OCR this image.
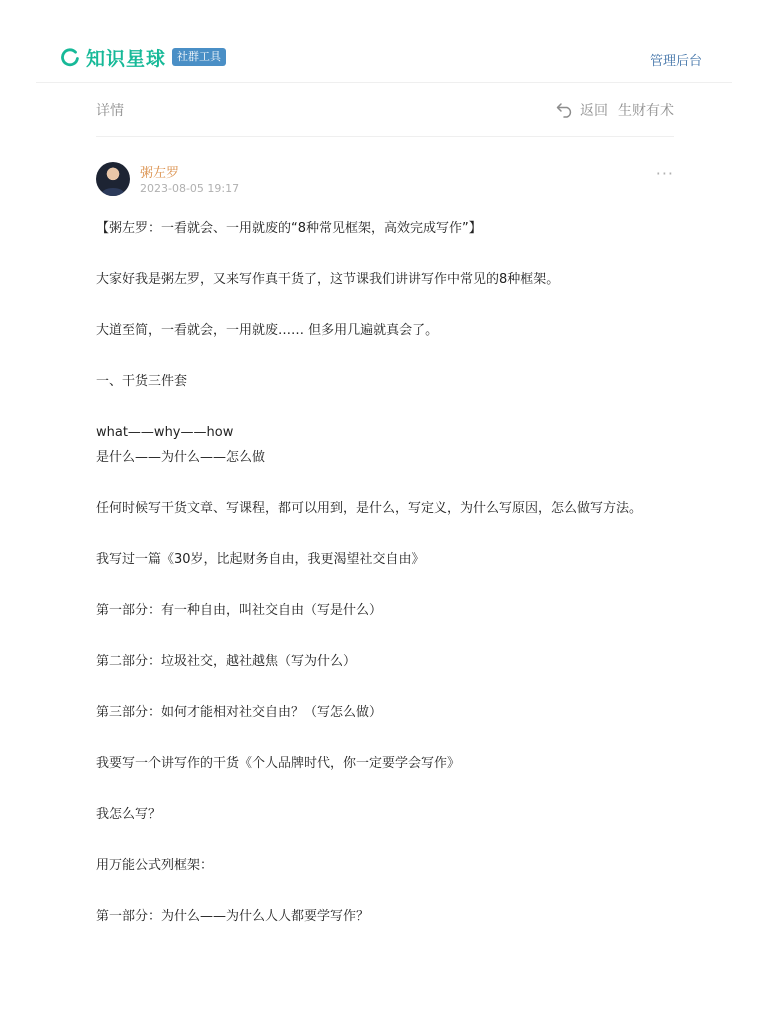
知识星球	社群工具	管理后台
详情	返回 生财有术
粥左罗
2023-08-05 19:17
···

【粥左罗：一看就会、一用就废的“8种常见框架，高效完成写作”】

大家好我是粥左罗，又来写作真干货了，这节课我们讲讲写作中常见的8种框架。

大道至简，一看就会，一用就废…… 但多用几遍就真会了。

一、干货三件套

what——why——how

是什么——为什么——怎么做

任何时候写干货文章、写课程，都可以用到，是什么，写定义，为什么写原因，怎么做写方法。

我写过一篇《30岁，比起财务自由，我更渴望社交自由》

第一部分：有一种自由，叫社交自由（写是什么）

第二部分：垃圾社交，越社越焦（写为什么）

第三部分：如何才能相对社交自由？（写怎么做）

我要写一个讲写作的干货《个人品牌时代，你一定要学会写作》

我怎么写？

用万能公式列框架：

第一部分：为什么——为什么人人都要学写作？
